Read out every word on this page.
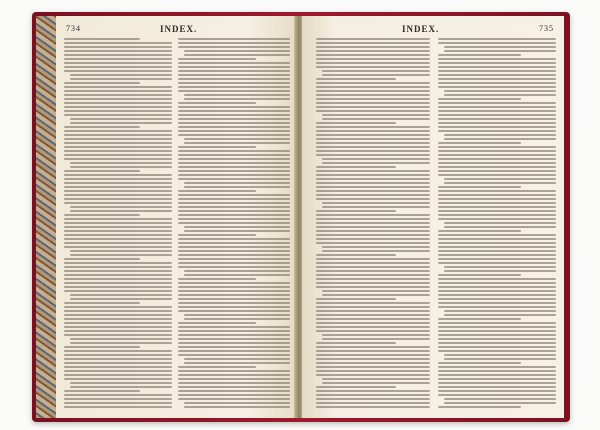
734	INDEX.	INDEX.	735
